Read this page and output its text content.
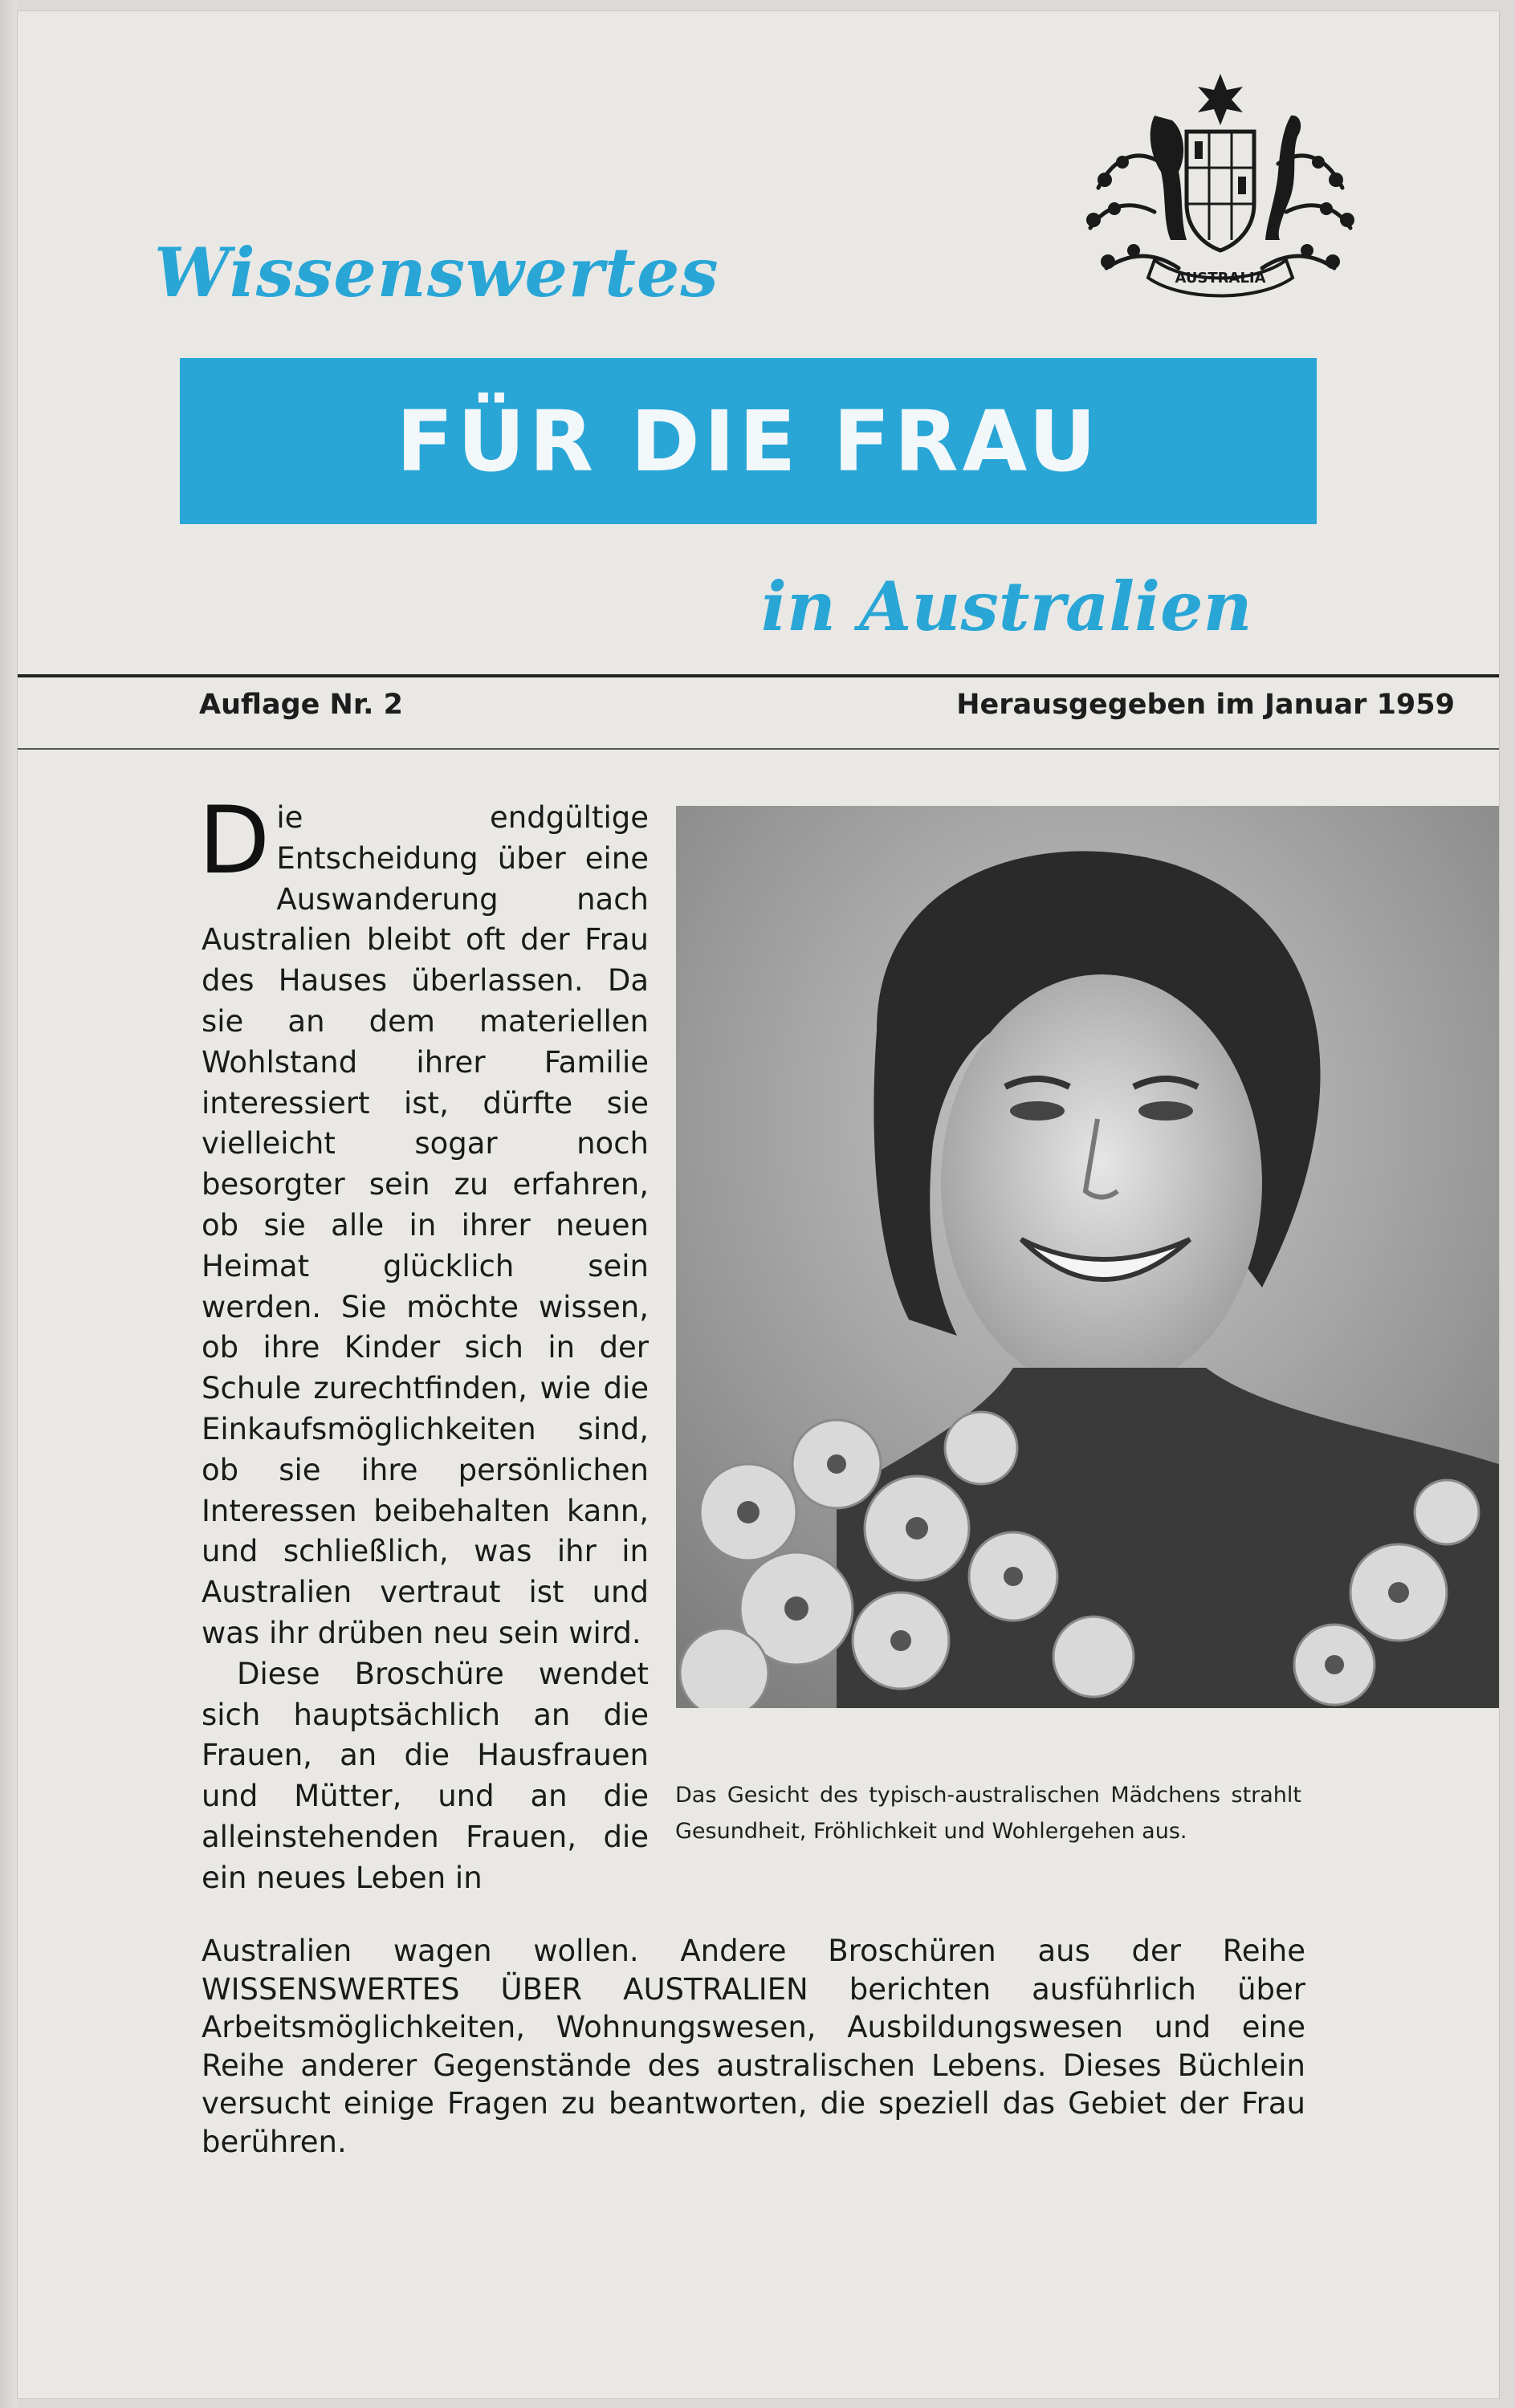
AUSTRALIA
Wissenswertes
FÜR DIE FRAU
in Australien
Auflage Nr. 2	Herausgegeben im Januar 1959

Die endgültige Entscheidung über eine Auswanderung nach Australien bleibt oft der Frau des Hauses überlassen. Da sie an dem materiellen Wohlstand ihrer Familie interessiert ist, dürfte sie vielleicht sogar noch besorgter sein zu erfahren, ob sie alle in ihrer neuen Heimat glücklich sein werden. Sie möchte wissen, ob ihre Kinder sich in der Schule zurechtfinden, wie die Einkaufsmöglichkeiten sind, ob sie ihre persönlichen Interessen beibehalten kann, und schließlich, was ihr in Australien vertraut ist und was ihr drüben neu sein wird.

Diese Broschüre wendet sich hauptsächlich an die Frauen, an die Hausfrauen und Mütter, und an die alleinstehenden Frauen, die ein neues Leben in

Das Gesicht des typisch-australischen Mädchens strahlt Gesundheit, Fröhlichkeit und Wohlergehen aus.

Australien wagen wollen. Andere Broschüren aus der Reihe WISSENSWERTES ÜBER AUSTRALIEN berichten ausführlich über Arbeitsmöglichkeiten, Wohnungswesen, Ausbildungswesen und eine Reihe anderer Gegenstände des australischen Lebens. Dieses Büchlein versucht einige Fragen zu beantworten, die speziell das Gebiet der Frau berühren.
